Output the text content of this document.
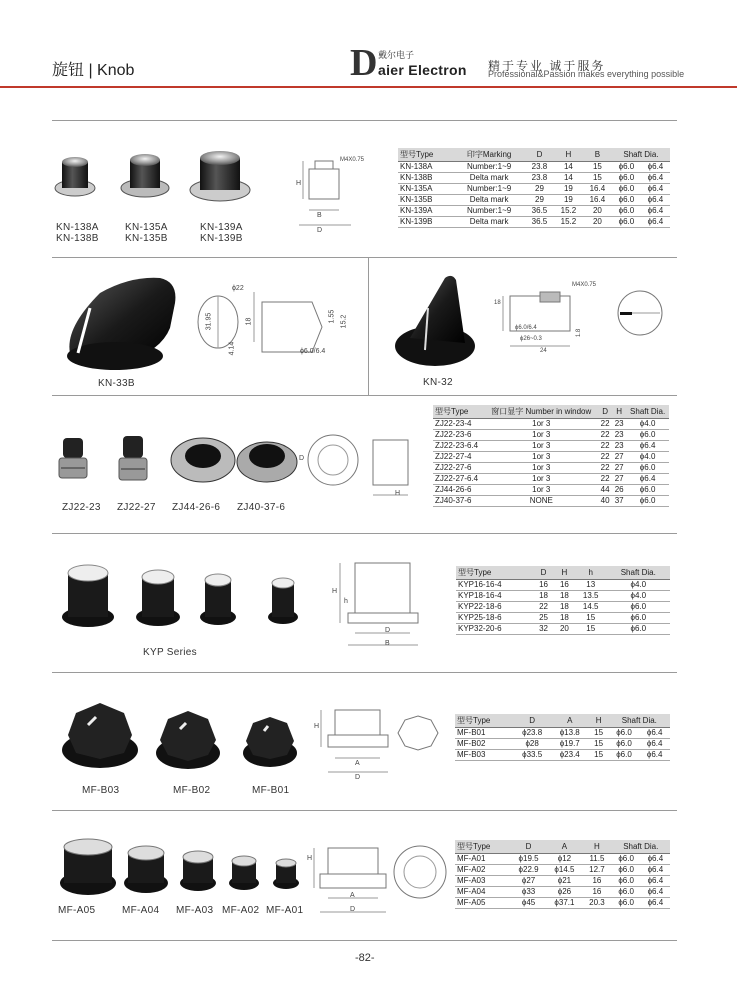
旋钮 | Knob	D 戴尔电子
aier Electron 精于专业 诚于服务
Professional&Passion makes everything possible
KN-138A	KN-135A	KN-139A
KN-138B	KN-135B	KN-139B
M4X0.75
H
B
D
型号Type	印字Marking	D	H	B	Shaft Dia.	
KN-138A	Number:1~9	23.8	14	15	ϕ6.0	ϕ6.4
KN-138B	Delta mark	23.8	14	15	ϕ6.0	ϕ6.4
KN-135A	Number:1~9	29	19	16.4	ϕ6.0	ϕ6.4
KN-135B	Delta mark	29	19	16.4	ϕ6.0	ϕ6.4
KN-139A	Number:1~9	36.5	15.2	20	ϕ6.0	ϕ6.4
KN-139B	Delta mark	36.5	15.2	20	ϕ6.0	ϕ6.4
KN-33B
ϕ22
31.95
4.14
18	1.55 15.2
ϕ6.0/6.4
KN-32
M4X0.75
18
ϕ6.0/6.4
ϕ26~0.3
24
1.8
ZJ22-23 ZJ22-27 ZJ44-26-6 ZJ40-37-6
D
H
型号Type	窗口显字 Number in window	D	H	Shaft Dia.
ZJ22-23-4	1or 3	22	23	ϕ4.0
ZJ22-23-6	1or 3	22	23	ϕ6.0
ZJ22-23-6.4	1or 3	22	23	ϕ6.4
ZJ22-27-4	1or 3	22	27	ϕ4.0
ZJ22-27-6	1or 3	22	27	ϕ6.0
ZJ22-27-6.4	1or 3	22	27	ϕ6.4
ZJ44-26-6	1or 3	44	26	ϕ6.0
ZJ40-37-6	NONE	40	37	ϕ6.0
KYP Series
H
h
D
B
型号Type	D	H	h	Shaft Dia.
KYP16-16-4	16	16	13	ϕ4.0
KYP18-16-4	18	18	13.5	ϕ4.0
KYP22-18-6	22	18	14.5	ϕ6.0
KYP25-18-6	25	18	15	ϕ6.0
KYP32-20-6	32	20	15	ϕ6.0
MF-B03	MF-B02	MF-B01
H
A
D
型号Type	D	A	H	Shaft Dia.	
MF-B01	ϕ23.8	ϕ13.8	15	ϕ6.0	ϕ6.4
MF-B02	ϕ28	ϕ19.7	15	ϕ6.0	ϕ6.4
MF-B03	ϕ33.5	ϕ23.4	15	ϕ6.0	ϕ6.4
MF-A05	MF-A04 MF-A03 MF-A02 MF-A01
H
A
D
型号Type	D	A	H	Shaft Dia.	
MF-A01	ϕ19.5	ϕ12	11.5	ϕ6.0	ϕ6.4
MF-A02	ϕ22.9	ϕ14.5	12.7	ϕ6.0	ϕ6.4
MF-A03	ϕ27	ϕ21	16	ϕ6.0	ϕ6.4
MF-A04	ϕ33	ϕ26	16	ϕ6.0	ϕ6.4
MF-A05	ϕ45	ϕ37.1	20.3	ϕ6.0	ϕ6.4
-82-
